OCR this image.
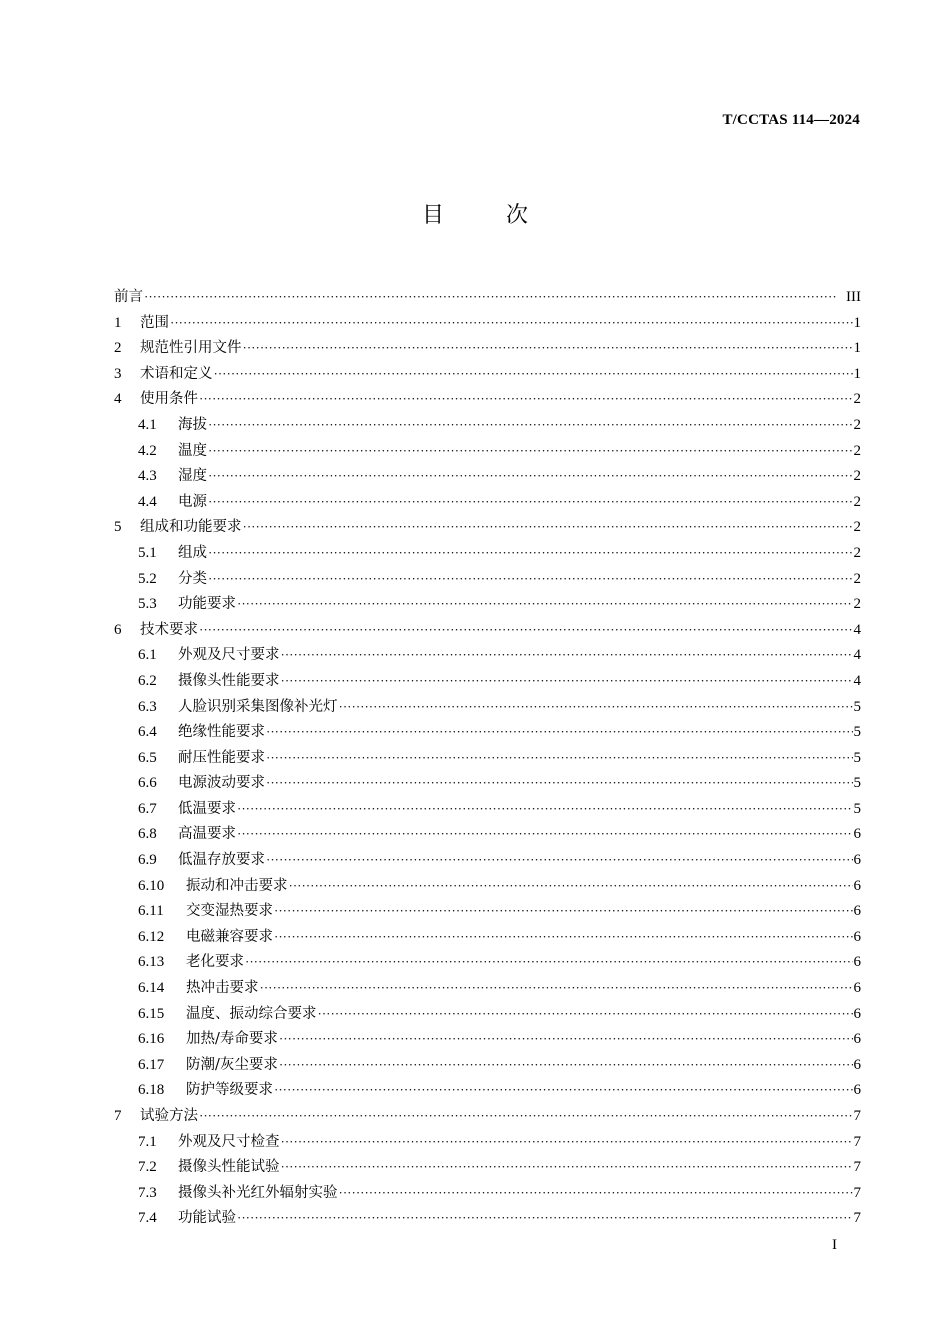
T/CCTAS 114—2024
目	次
前言 ·····	III
1	范围 ·····	1
2	规范性引用文件 ·····	1
3	术语和定义 ·····	1
4	使用条件 ·····	2
4.1	海拔 ·····	2
4.2	温度 ·····	2
4.3	湿度 ·····	2
4.4	电源 ·····	2
5	组成和功能要求 ·····	2
5.1	组成 ·····	2
5.2	分类 ·····	2
5.3	功能要求 ·····	2
6	技术要求 ·····	4
6.1	外观及尺寸要求 ·····	4
6.2	摄像头性能要求 ·····	4
6.3	人脸识别采集图像补光灯 ·····	5
6.4	绝缘性能要求 ·····	5
6.5	耐压性能要求 ·····	5
6.6	电源波动要求 ·····	5
6.7	低温要求 ·····	5
6.8	高温要求 ·····	6
6.9	低温存放要求 ·····	6
6.10	振动和冲击要求 ·····	6
6.11	交变湿热要求 ·····	6
6.12	电磁兼容要求 ·····	6
6.13	老化要求 ·····	6
6.14	热冲击要求 ·····	6
6.15	温度、振动综合要求 ·····	6
6.16	加热/寿命要求 ·····	6
6.17	防潮/灰尘要求 ·····	6
6.18	防护等级要求 ·····	6
7	试验方法 ·····	7
7.1	外观及尺寸检查 ·····	7
7.2	摄像头性能试验 ·····	7
7.3	摄像头补光红外辐射实验 ·····	7
7.4	功能试验 ·····	7
I
